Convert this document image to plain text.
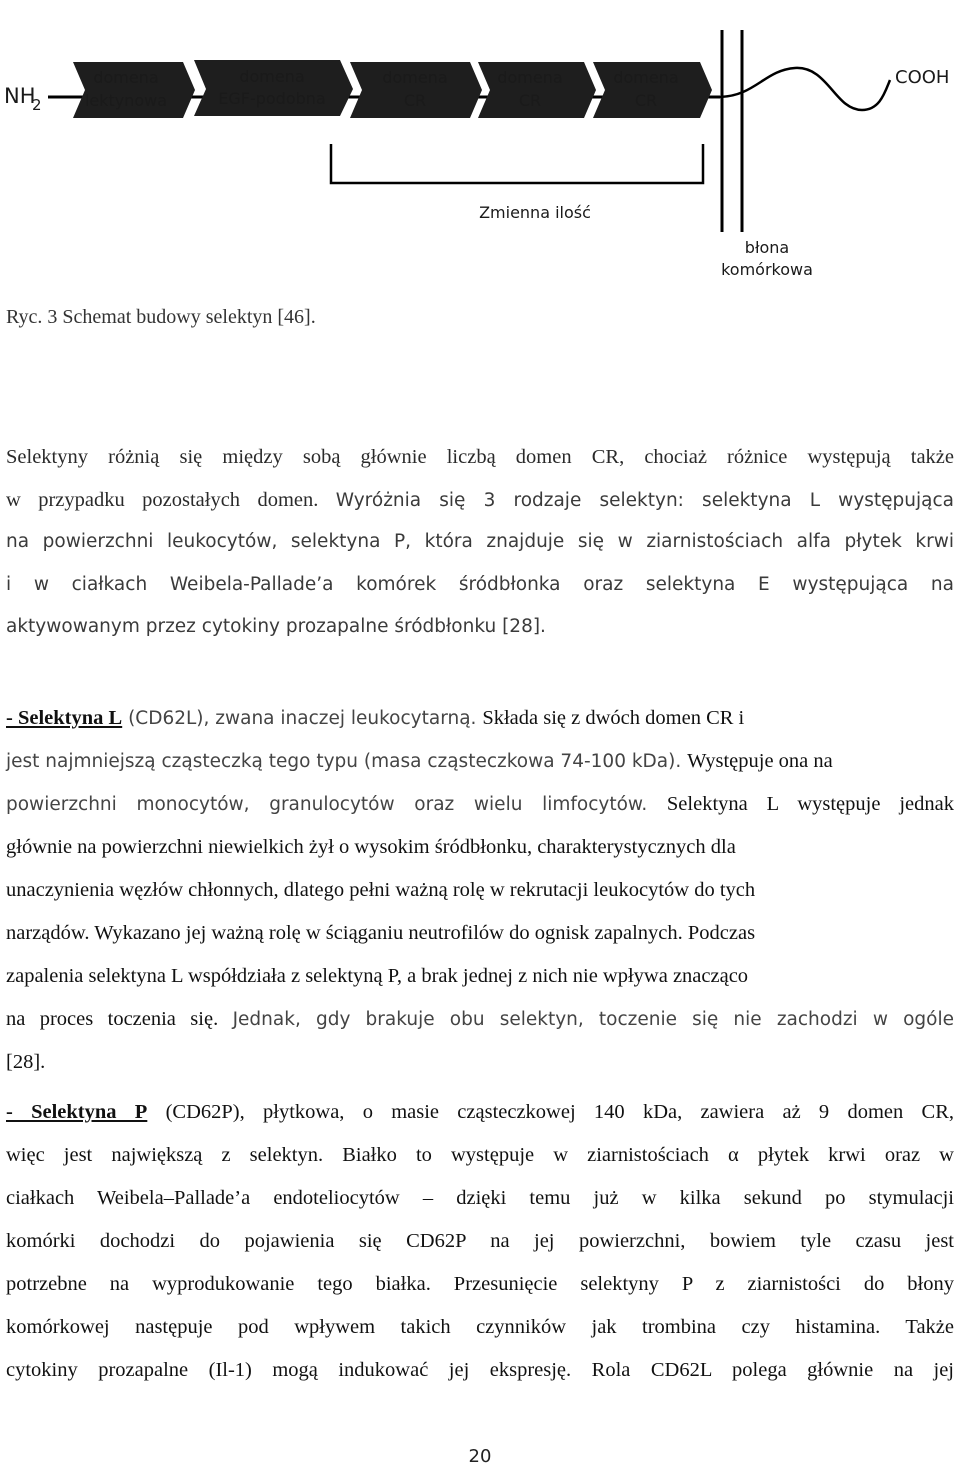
NH
2
domena
lektynowa
domena
EGF-podobna
domena
CR
domena
CR
domena
CR
COOH
Zmienna ilość
błona
komórkowa
Ryc. 3 Schemat budowy selektyn [46].
Selektyny różnią się między sobą głównie liczbą domen CR, chociaż różnice występują także
w przypadku pozostałych domen. Wyróżnia się 3 rodzaje selektyn: selektyna L występująca
na powierzchni leukocytów, selektyna P, która znajduje się w ziarnistościach alfa płytek krwi
i w ciałkach Weibela-Pallade’a komórek śródbłonka oraz selektyna E występująca na
aktywowanym przez cytokiny prozapalne śródbłonku [28].
- Selektyna L (CD62L), zwana inaczej leukocytarną. Składa się z dwóch domen CR i
jest najmniejszą cząsteczką tego typu (masa cząsteczkowa 74-100 kDa). Występuje ona na
powierzchni monocytów, granulocytów oraz wielu limfocytów. Selektyna L występuje jednak
głównie na powierzchni niewielkich żył o wysokim śródbłonku, charakterystycznych dla
unaczynienia węzłów chłonnych, dlatego pełni ważną rolę w rekrutacji leukocytów do tych
narządów. Wykazano jej ważną rolę w ściąganiu neutrofilów do ognisk zapalnych. Podczas
zapalenia selektyna L współdziała z selektyną P, a brak jednej z nich nie wpływa znacząco
na proces toczenia się. Jednak, gdy brakuje obu selektyn, toczenie się nie zachodzi w ogóle
[28].
- Selektyna P (CD62P), płytkowa, o masie cząsteczkowej 140 kDa, zawiera aż 9 domen CR,
więc jest największą z selektyn. Białko to występuje w ziarnistościach α płytek krwi oraz w
ciałkach Weibela–Pallade’a endoteliocytów – dzięki temu już w kilka sekund po stymulacji
komórki dochodzi do pojawienia się CD62P na jej powierzchni, bowiem tyle czasu jest
potrzebne na wyprodukowanie tego białka. Przesunięcie selektyny P z ziarnistości do błony
komórkowej następuje pod wpływem takich czynników jak trombina czy histamina. Także
cytokiny prozapalne (Il-1) mogą indukować jej ekspresję. Rola CD62L polega głównie na jej
20
